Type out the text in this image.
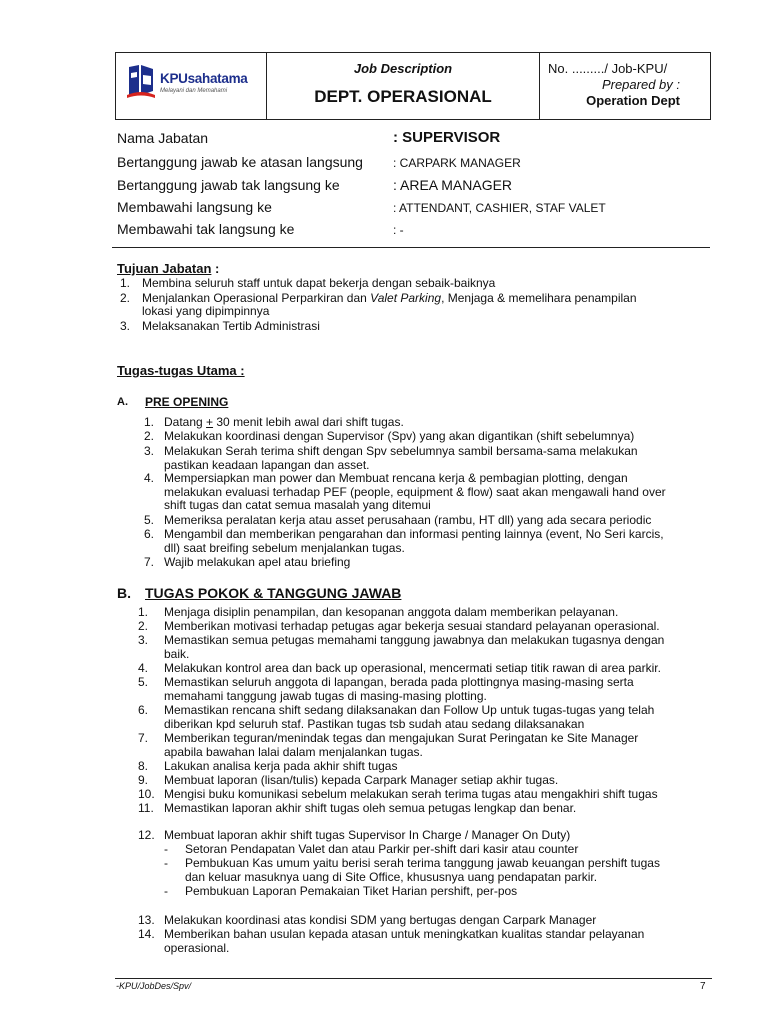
KPUsahatama
Melayani dan Memahami
Job Description
DEPT. OPERASIONAL
No. ........./ Job-KPU/
Prepared by :
Operation Dept
Nama Jabatan	: SUPERVISOR
Bertanggung jawab ke atasan langsung	: CARPARK MANAGER
Bertanggung jawab tak langsung ke	: AREA MANAGER
Membawahi langsung ke	: ATTENDANT, CASHIER, STAF VALET
Membawahi tak langsung ke	: -
Tujuan Jabatan :
1. Membina seluruh staff untuk dapat bekerja dengan sebaik-baiknya
2. Menjalankan Operasional Perparkiran dan Valet Parking, Menjaga & memelihara penampilan
lokasi yang dipimpinnya
3. Melaksanakan Tertib Administrasi
Tugas-tugas Utama :
A. PRE OPENING
1. Datang + 30 menit lebih awal dari shift tugas.
2. Melakukan koordinasi dengan Supervisor (Spv) yang akan digantikan (shift sebelumnya)
3. Melakukan Serah terima shift dengan Spv sebelumnya sambil bersama-sama melakukan
pastikan keadaan lapangan dan asset.
4. Mempersiapkan man power dan Membuat rencana kerja & pembagian plotting, dengan
melakukan evaluasi terhadap PEF (people, equipment & flow) saat akan mengawali hand over
shift tugas dan catat semua masalah yang ditemui
5. Memeriksa peralatan kerja atau asset perusahaan (rambu, HT dll) yang ada secara periodic
6. Mengambil dan memberikan pengarahan dan informasi penting lainnya (event, No Seri karcis,
dll) saat breifing sebelum menjalankan tugas.
7. Wajib melakukan apel atau briefing
B. TUGAS POKOK & TANGGUNG JAWAB
1. Menjaga disiplin penampilan, dan kesopanan anggota dalam memberikan pelayanan.
2. Memberikan motivasi terhadap petugas agar bekerja sesuai standard pelayanan operasional.
3. Memastikan semua petugas memahami tanggung jawabnya dan melakukan tugasnya dengan
baik.
4. Melakukan kontrol area dan back up operasional, mencermati setiap titik rawan di area parkir.
5. Memastikan seluruh anggota di lapangan, berada pada plottingnya masing-masing serta
memahami tanggung jawab tugas di masing-masing plotting.
6. Memastikan rencana shift sedang dilaksanakan dan Follow Up untuk tugas-tugas yang telah
diberikan kpd seluruh staf. Pastikan tugas tsb sudah atau sedang dilaksanakan
7. Memberikan teguran/menindak tegas dan mengajukan Surat Peringatan ke Site Manager
apabila bawahan lalai dalam menjalankan tugas.
8. Lakukan analisa kerja pada akhir shift tugas
9. Membuat laporan (lisan/tulis) kepada Carpark Manager setiap akhir tugas.
10. Mengisi buku komunikasi sebelum melakukan serah terima tugas atau mengakhiri shift tugas
11. Memastikan laporan akhir shift tugas oleh semua petugas lengkap dan benar.
12. Membuat laporan akhir shift tugas Supervisor In Charge / Manager On Duty)
13. Melakukan koordinasi atas kondisi SDM yang bertugas dengan Carpark Manager
14. Memberikan bahan usulan kepada atasan untuk meningkatkan kualitas standar pelayanan
operasional.
- Setoran Pendapatan Valet dan atau Parkir per-shift dari kasir atau counter
- Pembukuan Kas umum yaitu berisi serah terima tanggung jawab keuangan pershift tugas
dan keluar masuknya uang di Site Office, khususnya uang pendapatan parkir.
- Pembukuan Laporan Pemakaian Tiket Harian pershift, per-pos
-KPU/JobDes/Spv/	7
